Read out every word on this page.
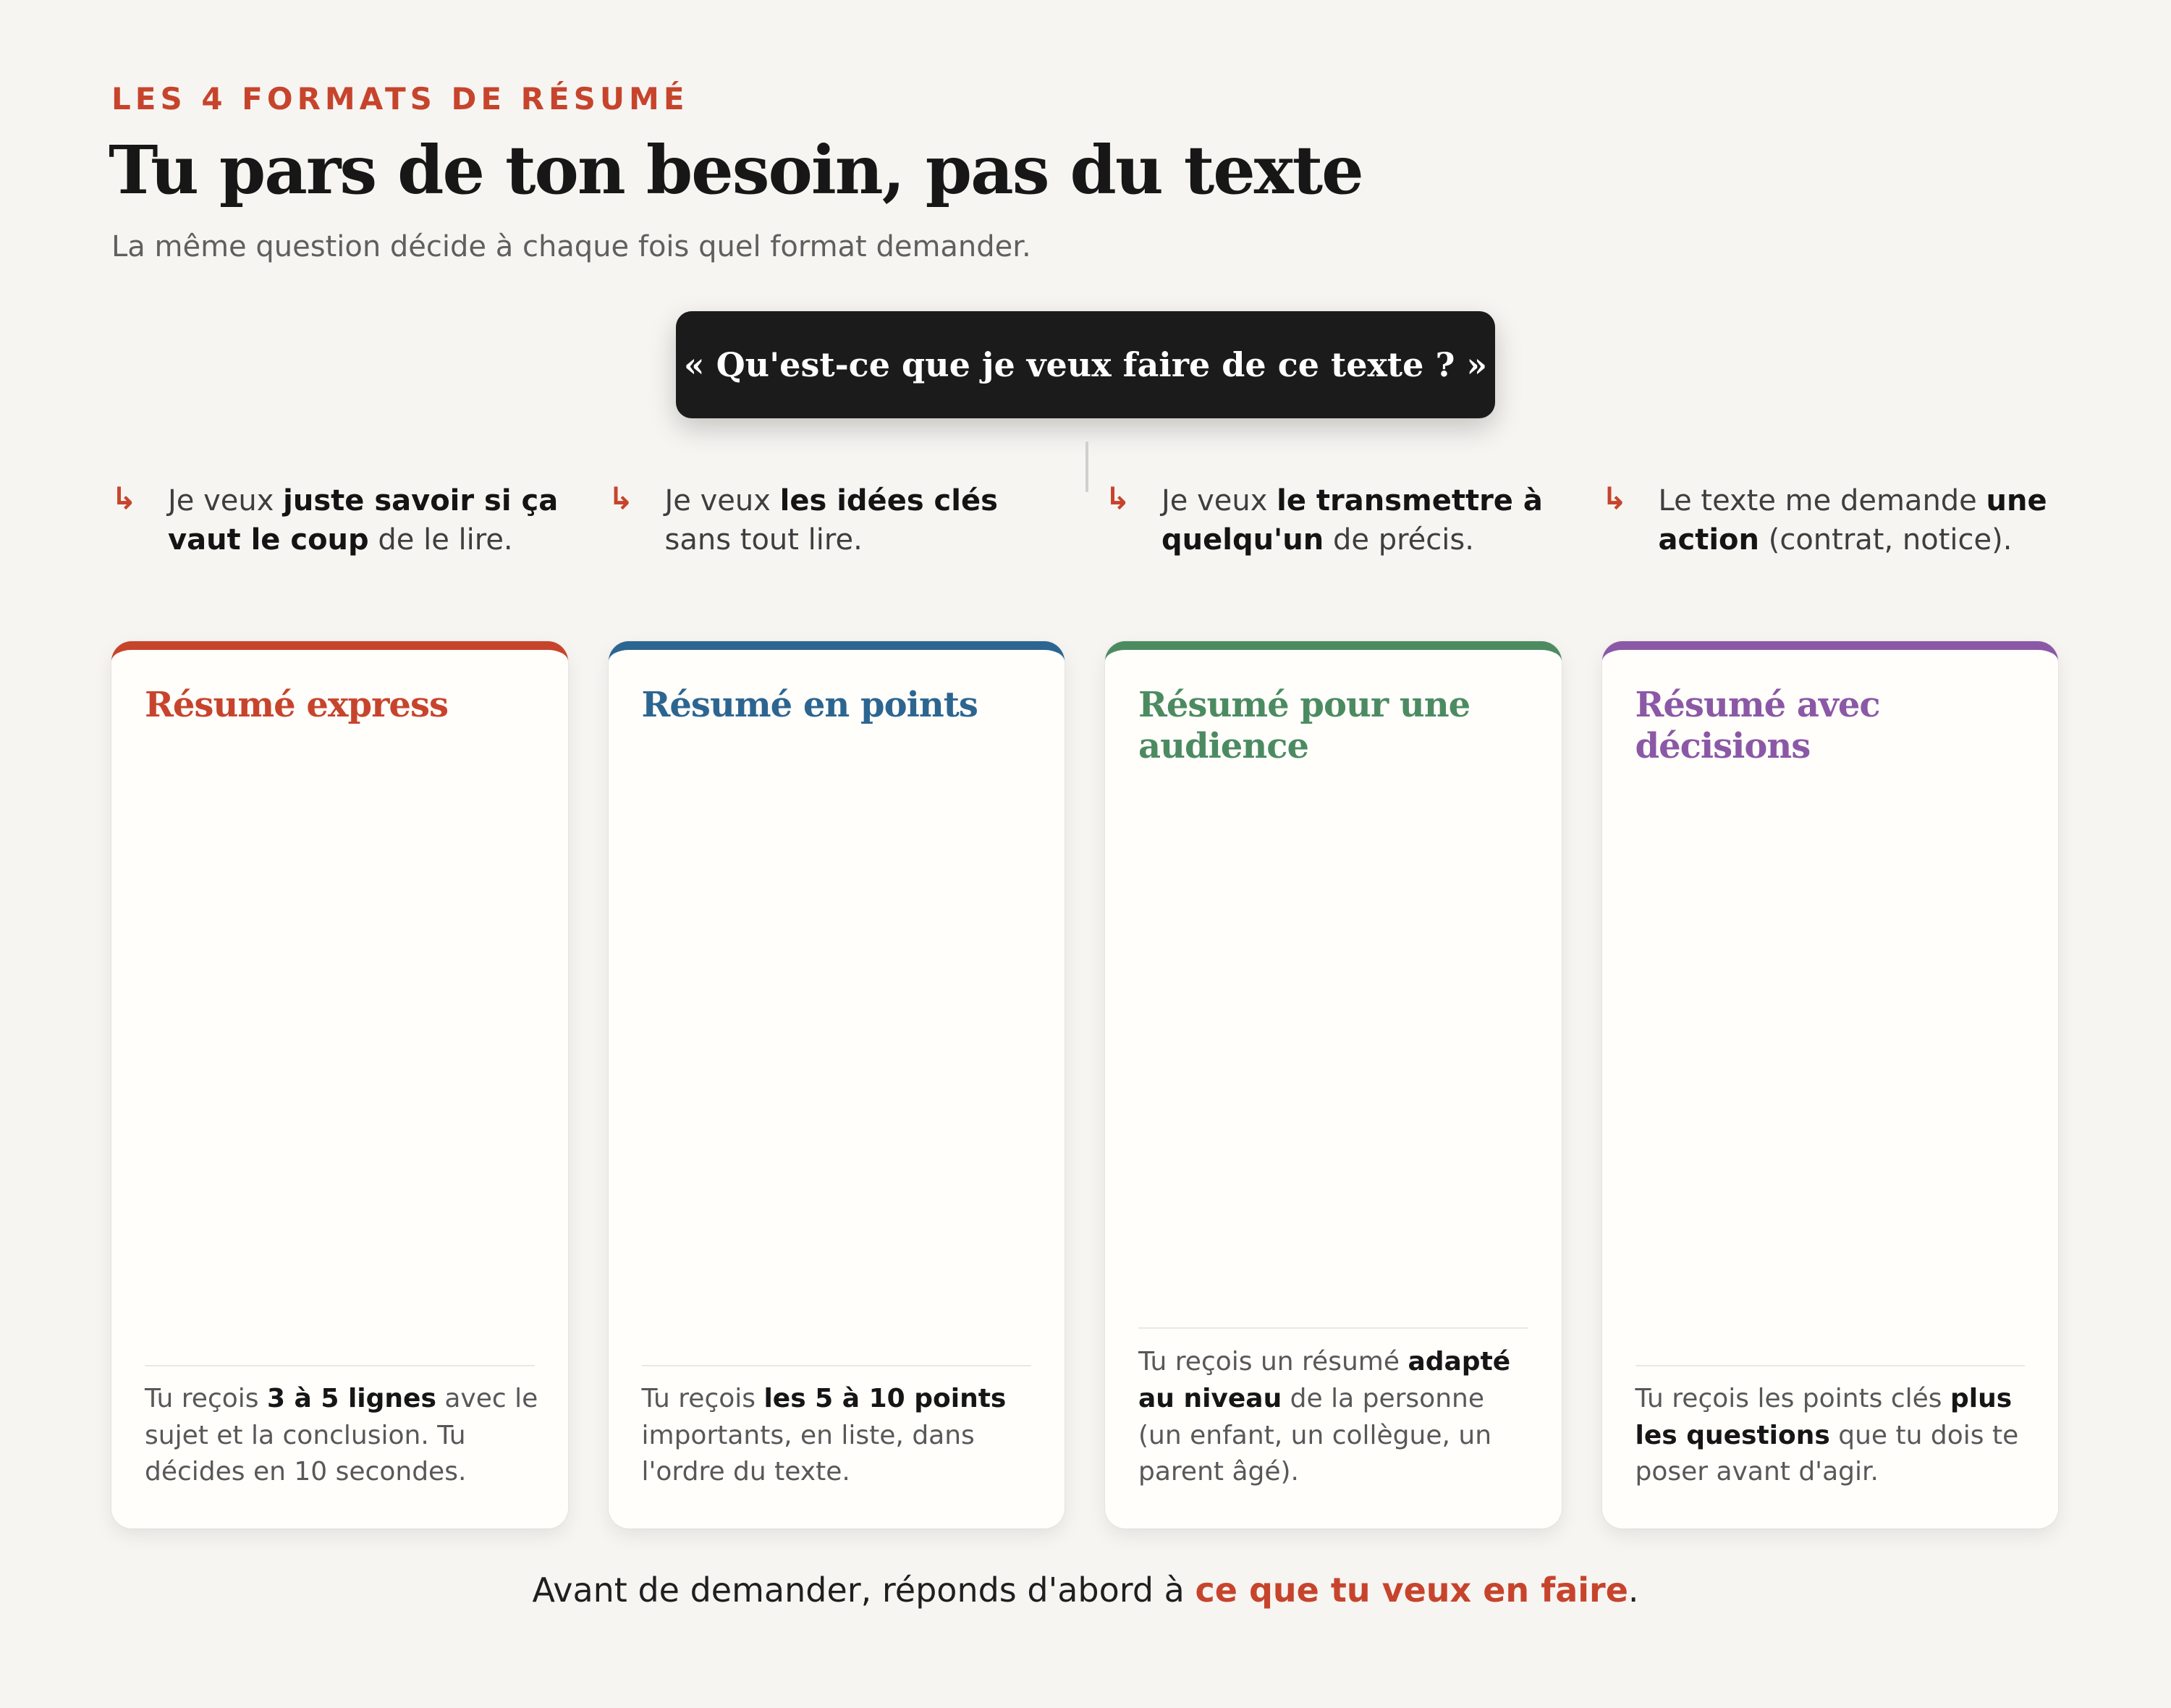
LES 4 FORMATS DE RÉSUMÉ
Tu pars de ton besoin, pas du texte
La même question décide à chaque fois quel format demander.
« Qu'est-ce que je veux faire de ce texte ? »
↳ Je veux juste savoir si ça vaut le coup de le lire.
↳ Je veux les idées clés sans tout lire.
↳ Je veux le transmettre à quelqu'un de précis.
↳ Le texte me demande une action (contrat, notice).
Résumé express
Tu reçois 3 à 5 lignes avec le sujet et la conclusion. Tu décides en 10 secondes.
Résumé en points
Tu reçois les 5 à 10 points importants, en liste, dans l'ordre du texte.
Résumé pour une audience
Tu reçois un résumé adapté au niveau de la personne (un enfant, un collègue, un parent âgé).
Résumé avec décisions
Tu reçois les points clés plus les questions que tu dois te poser avant d'agir.
Avant de demander, réponds d'abord à ce que tu veux en faire.
